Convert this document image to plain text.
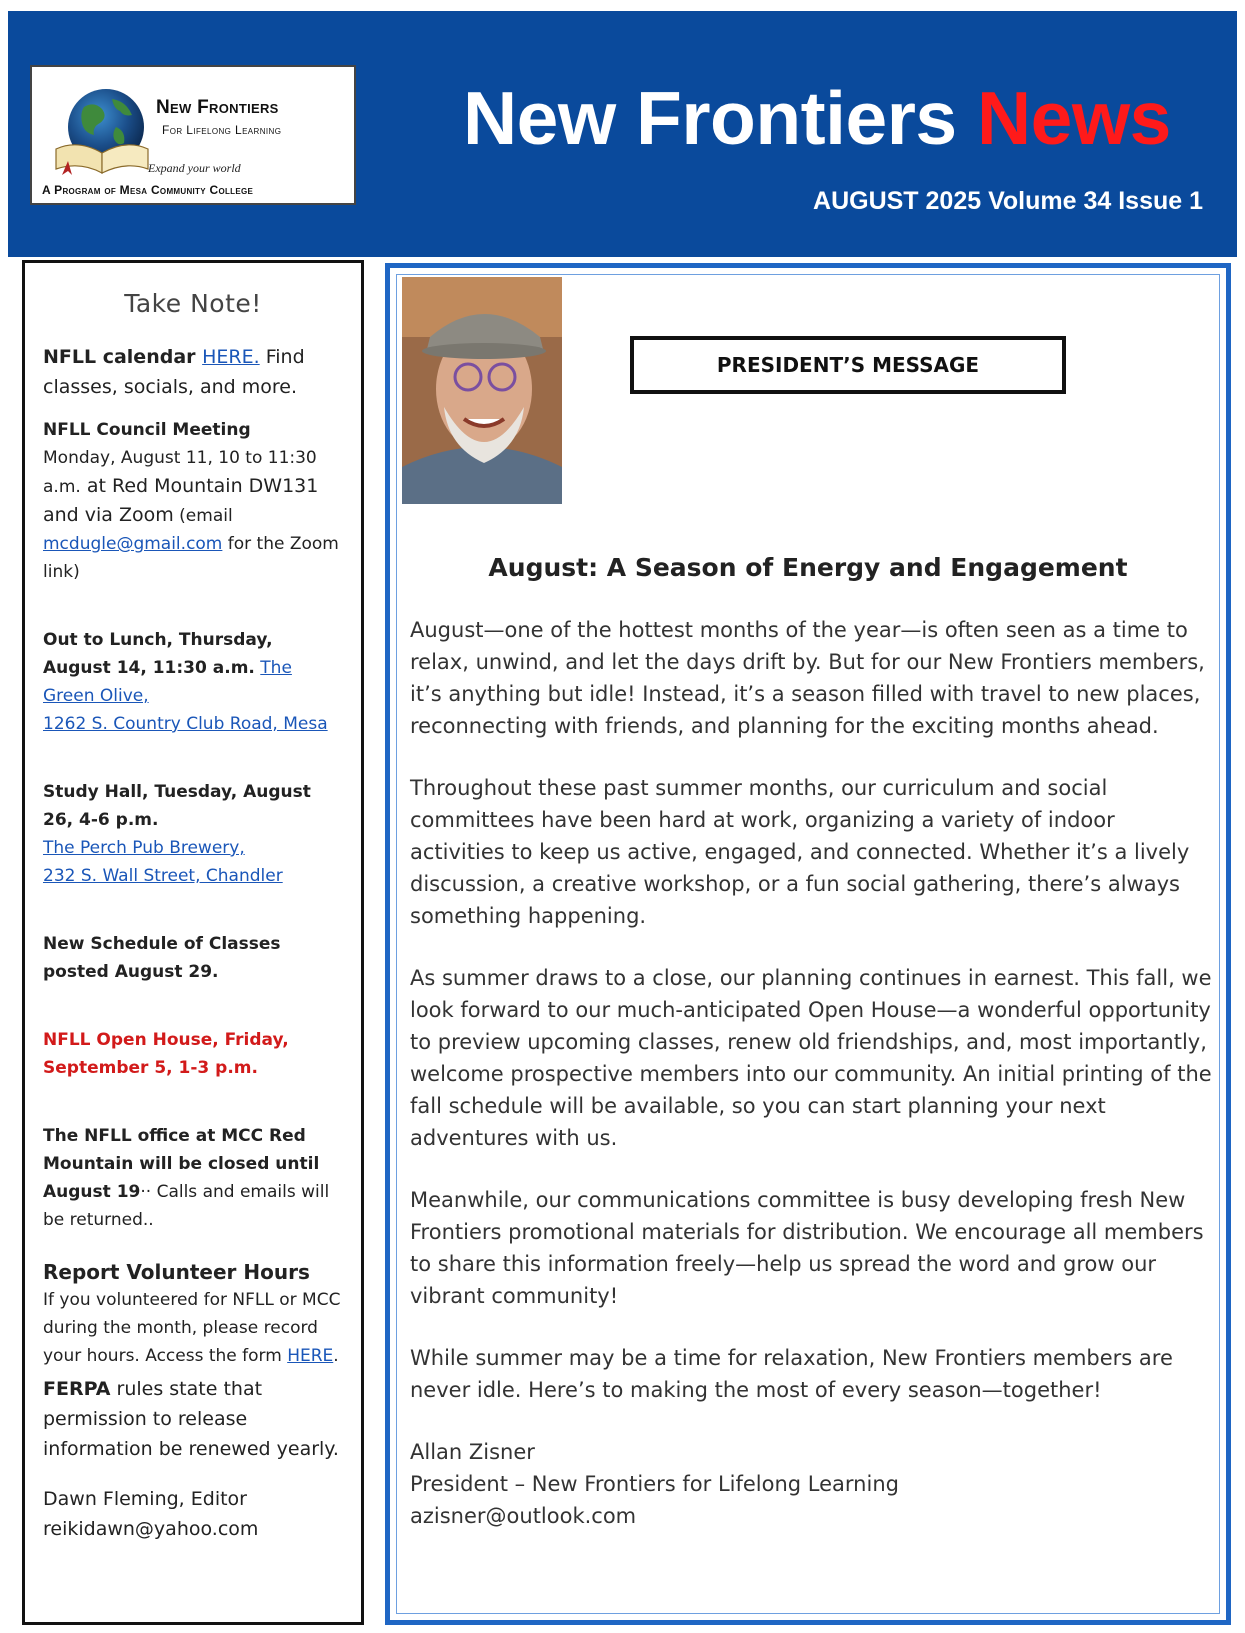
New Frontiers
For Lifelong Learning
Expand your world
A Program of Mesa Community College
New Frontiers News
AUGUST 2025 Volume 34 Issue 1
Take Note!
NFLL calendar HERE. Find classes, socials, and more.
NFLL Council Meeting
Monday, August 11, 10 to 11:30 a.m. at Red Mountain DW131 and via Zoom (email mcdugle@gmail.com for the Zoom link)
Out to Lunch, Thursday, August 14, 11:30 a.m. The Green Olive,
1262 S. Country Club Road, Mesa
Study Hall, Tuesday, August 26, 4-6 p.m.
The Perch Pub Brewery,
232 S. Wall Street, Chandler
New Schedule of Classes posted August 29.
NFLL Open House, Friday, September 5, 1-3 p.m.
The NFLL office at MCC Red Mountain will be closed until August 19·· Calls and emails will be returned..
Report Volunteer Hours
If you volunteered for NFLL or MCC during the month, please record your hours. Access the form HERE.
FERPA rules state that permission to release information be renewed yearly.
Dawn Fleming, Editor
reikidawn@yahoo.com
PRESIDENT’S MESSAGE
August: A Season of Energy and Engagement

August—one of the hottest months of the year—is often seen as a time to relax, unwind, and let the days drift by. But for our New Frontiers members, it’s anything but idle! Instead, it’s a season filled with travel to new places, reconnecting with friends, and planning for the exciting months ahead.

Throughout these past summer months, our curriculum and social committees have been hard at work, organizing a variety of indoor activities to keep us active, engaged, and connected. Whether it’s a lively discussion, a creative workshop, or a fun social gathering, there’s always something happening.

As summer draws to a close, our planning continues in earnest. This fall, we look forward to our much-anticipated Open House—a wonderful opportunity to preview upcoming classes, renew old friendships, and, most importantly, welcome prospective members into our community. An initial printing of the fall schedule will be available, so you can start planning your next adventures with us.

Meanwhile, our communications committee is busy developing fresh New Frontiers promotional materials for distribution. We encourage all members to share this information freely—help us spread the word and grow our vibrant community!

While summer may be a time for relaxation, New Frontiers members are never idle. Here’s to making the most of every season—together!

Allan Zisner
President – New Frontiers for Lifelong Learning
azisner@outlook.com
